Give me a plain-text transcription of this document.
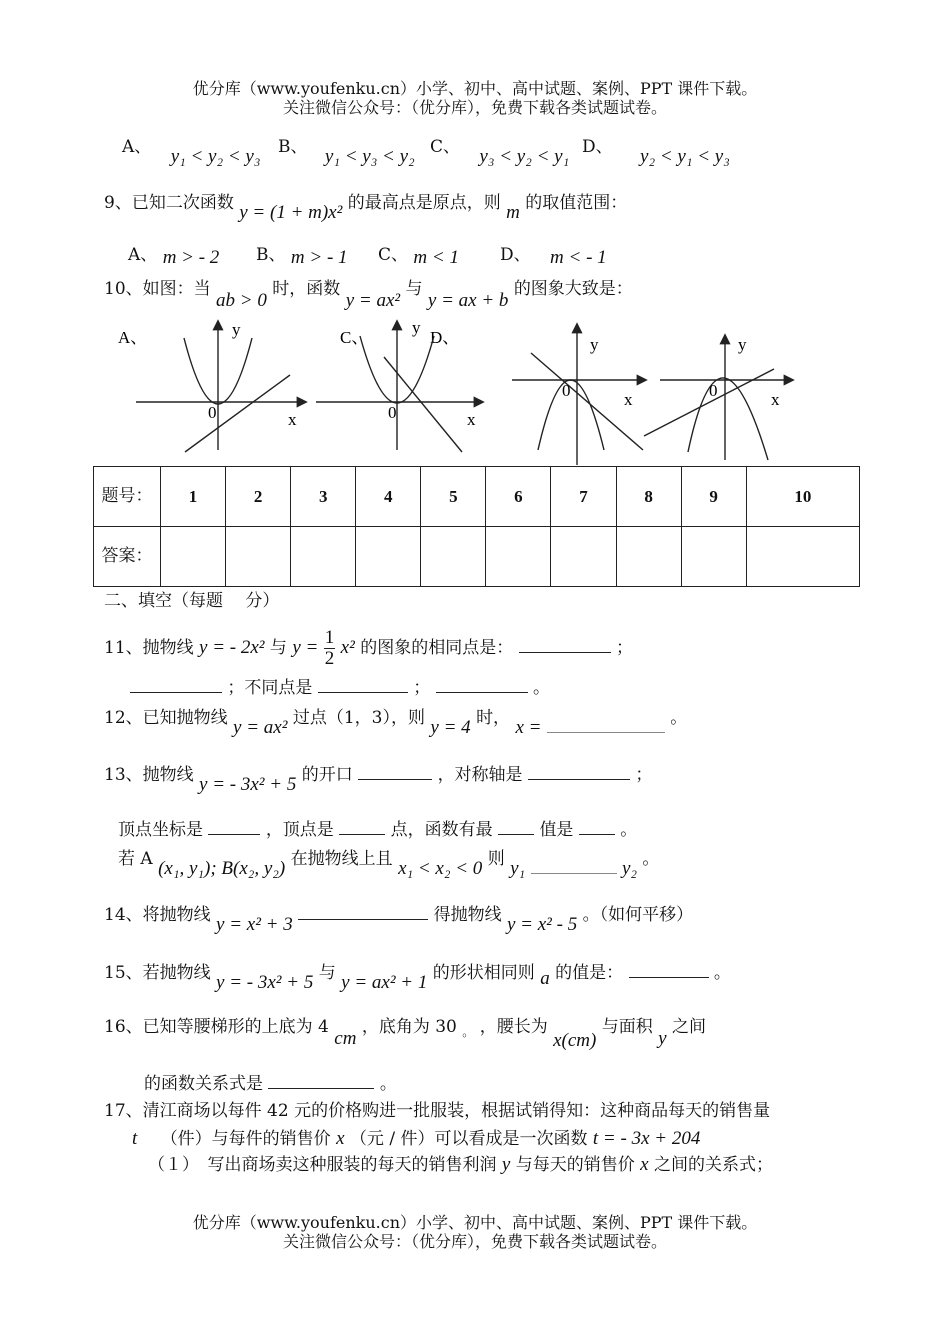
优分库（www.youfenku.cn）小学、初中、高中试题、案例、PPT 课件下载。
关注微信公众号：（优分库），免费下载各类试题试卷。
A、 y₁ < y₂ < y₃ B、 y₁ < y₃ < y₂ C、 y₃ < y₂ < y₁ D、 y₂ < y₁ < y₃
9、已知二次函数 y = (1 + m)x² 的最高点是原点，则 m 的取值范围：
A、 m > - 2 B、 m > - 1 C、 m < 1 D、 m < - 1
10、如图：当 ab > 0 时，函数 y = ax² 与 y = ax + b 的图象大致是：
A、	y
0	x
C、	D、
y
0	x
y
0	x
y
0	x
题号：	1	2	3	4	5	6	7	8	9	10
答案：										
二、填空（每题　 分）
11、抛物线 y = - 2x² 与 $y = \frac{1}{2} x^2$ 的图象的相同点是：	；
；不同点是	；	。
12、已知抛物线 y = ax² 过点（1，3），则 y = 4 时， x =	。
13、抛物线 y = - 3x² + 5 的开口	，对称轴是	；
顶点坐标是	，顶点是	点，函数有最	值是	。
若 A (x₁, y₁); B(x₂, y₂) 在抛物线上且 x₁ < x₂ < 0 则 y₁	y₂ 。
14、将抛物线 y = x² + 3	得抛物线 y = x² - 5 。（如何平移）
15、若抛物线 y = - 3x² + 5 与 y = ax² + 1 的形状相同则 a 的值是：	。
16、已知等腰梯形的上底为 4 cm ，底角为 30 $_。$ ，腰长为 x(cm) 与面积 y 之间
的函数关系式是	。
17、清江商场以每件 42 元的价格购进一批服装，根据试销得知：这种商品每天的销售量
t （件）与每件的销售价 x （元 / 件）可以看成是一次函数 t = - 3x + 204
（１）　写出商场卖这种服装的每天的销售利润 y 与每天的销售价 x 之间的关系式；
优分库（www.youfenku.cn）小学、初中、高中试题、案例、PPT 课件下载。
关注微信公众号：（优分库），免费下载各类试题试卷。
